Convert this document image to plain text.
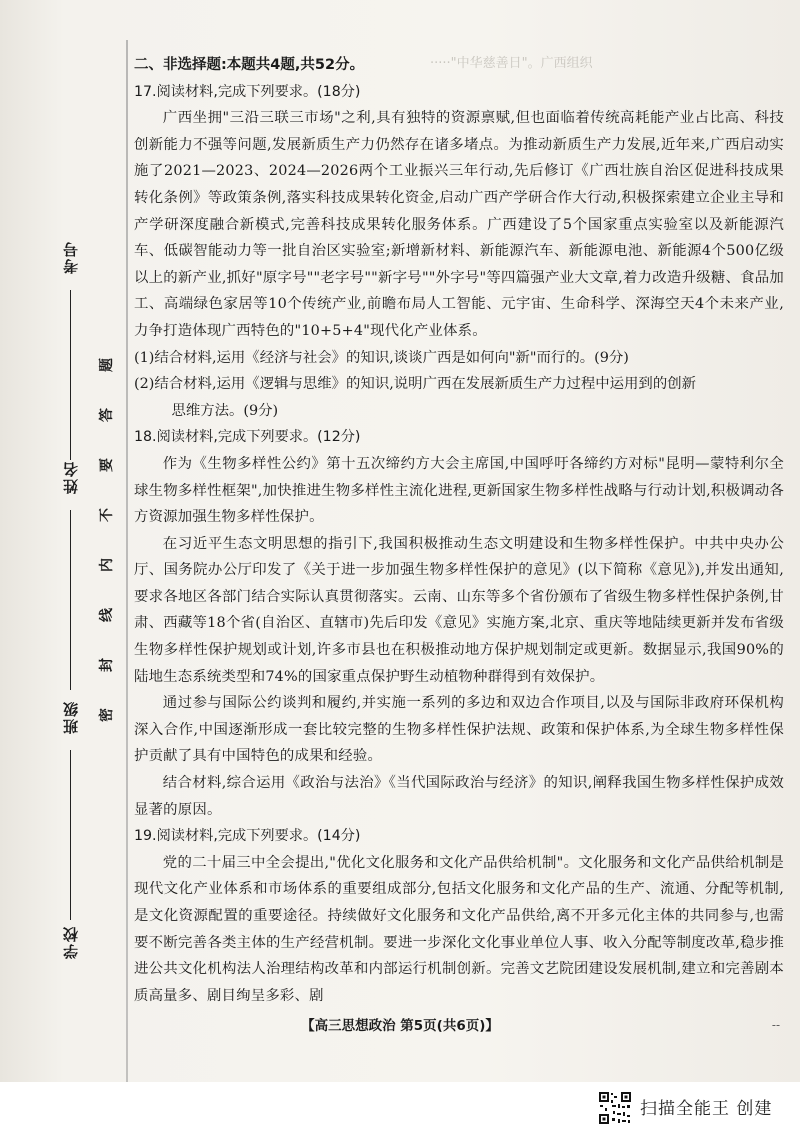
考号
姓名
班级
学校
题
答
要
不
内
线
封
密
·····"中华慈善日"。广西组织
二、非选择题:本题共4题,共52分。

17.阅读材料,完成下列要求。(18分)

广西坐拥"三沿三联三市场"之利,具有独特的资源禀赋,但也面临着传统高耗能产业占比高、科技创新能力不强等问题,发展新质生产力仍然存在诸多堵点。为推动新质生产力发展,近年来,广西启动实施了2021—2023、2024—2026两个工业振兴三年行动,先后修订《广西壮族自治区促进科技成果转化条例》等政策条例,落实科技成果转化资金,启动广西产学研合作大行动,积极探索建立企业主导和产学研深度融合新模式,完善科技成果转化服务体系。广西建设了5个国家重点实验室以及新能源汽车、低碳智能动力等一批自治区实验室;新增新材料、新能源汽车、新能源电池、新能源4个500亿级以上的新产业,抓好"原字号""老字号""新字号""外字号"等四篇强产业大文章,着力改造升级糖、食品加工、高端绿色家居等10个传统产业,前瞻布局人工智能、元宇宙、生命科学、深海空天4个未来产业,力争打造体现广西特色的"10+5+4"现代化产业体系。

(1)结合材料,运用《经济与社会》的知识,谈谈广西是如何向"新"而行的。(9分)

(2)结合材料,运用《逻辑与思维》的知识,说明广西在发展新质生产力过程中运用到的创新
思维方法。(9分)

18.阅读材料,完成下列要求。(12分)

作为《生物多样性公约》第十五次缔约方大会主席国,中国呼吁各缔约方对标"昆明—蒙特利尔全球生物多样性框架",加快推进生物多样性主流化进程,更新国家生物多样性战略与行动计划,积极调动各方资源加强生物多样性保护。

在习近平生态文明思想的指引下,我国积极推动生态文明建设和生物多样性保护。中共中央办公厅、国务院办公厅印发了《关于进一步加强生物多样性保护的意见》(以下简称《意见》),并发出通知,要求各地区各部门结合实际认真贯彻落实。云南、山东等多个省份颁布了省级生物多样性保护条例,甘肃、西藏等18个省(自治区、直辖市)先后印发《意见》实施方案,北京、重庆等地陆续更新并发布省级生物多样性保护规划或计划,许多市县也在积极推动地方保护规划制定或更新。数据显示,我国90%的陆地生态系统类型和74%的国家重点保护野生动植物种群得到有效保护。

通过参与国际公约谈判和履约,并实施一系列的多边和双边合作项目,以及与国际非政府环保机构深入合作,中国逐渐形成一套比较完整的生物多样性保护法规、政策和保护体系,为全球生物多样性保护贡献了具有中国特色的成果和经验。

结合材料,综合运用《政治与法治》《当代国际政治与经济》的知识,阐释我国生物多样性保护成效显著的原因。

19.阅读材料,完成下列要求。(14分)

党的二十届三中全会提出,"优化文化服务和文化产品供给机制"。文化服务和文化产品供给机制是现代文化产业体系和市场体系的重要组成部分,包括文化服务和文化产品的生产、流通、分配等机制,是文化资源配置的重要途径。持续做好文化服务和文化产品供给,离不开多元化主体的共同参与,也需要不断完善各类主体的生产经营机制。要进一步深化文化事业单位人事、收入分配等制度改革,稳步推进公共文化机构法人治理结构改革和内部运行机制创新。完善文艺院团建设发展机制,建立和完善剧本质高量多、剧目绚呈多彩、剧

【高三思想政治 第5页(共6页)】	--
扫描全能王 创建
